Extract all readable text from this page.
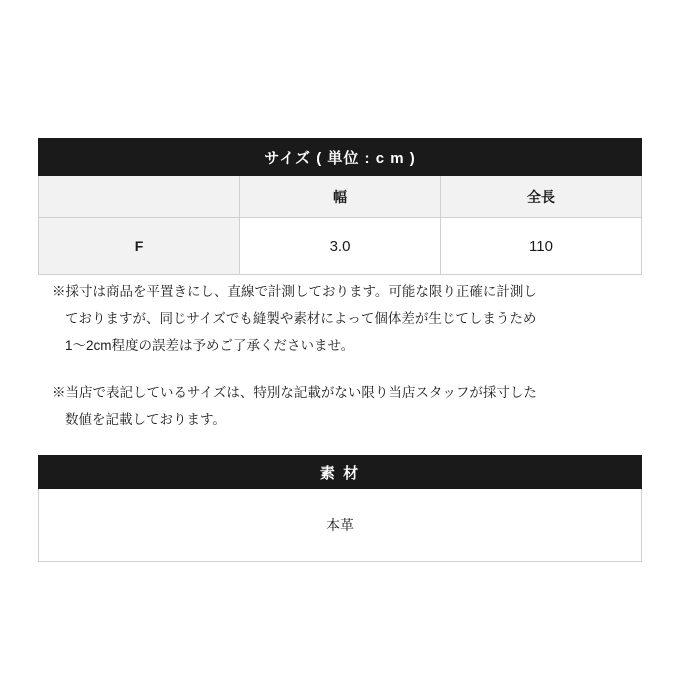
サイズ ( 単位 : c m )		
	幅	全長
F	3.0	110

※採寸は商品を平置きにし、直線で計測しております。可能な限り正確に計測し
ておりますが、同じサイズでも縫製や素材によって個体差が生じてしまうため
1〜2cm程度の誤差は予めご了承くださいませ。

※当店で表記しているサイズは、特別な記載がない限り当店スタッフが採寸した
数値を記載しております。

素 材
本革
